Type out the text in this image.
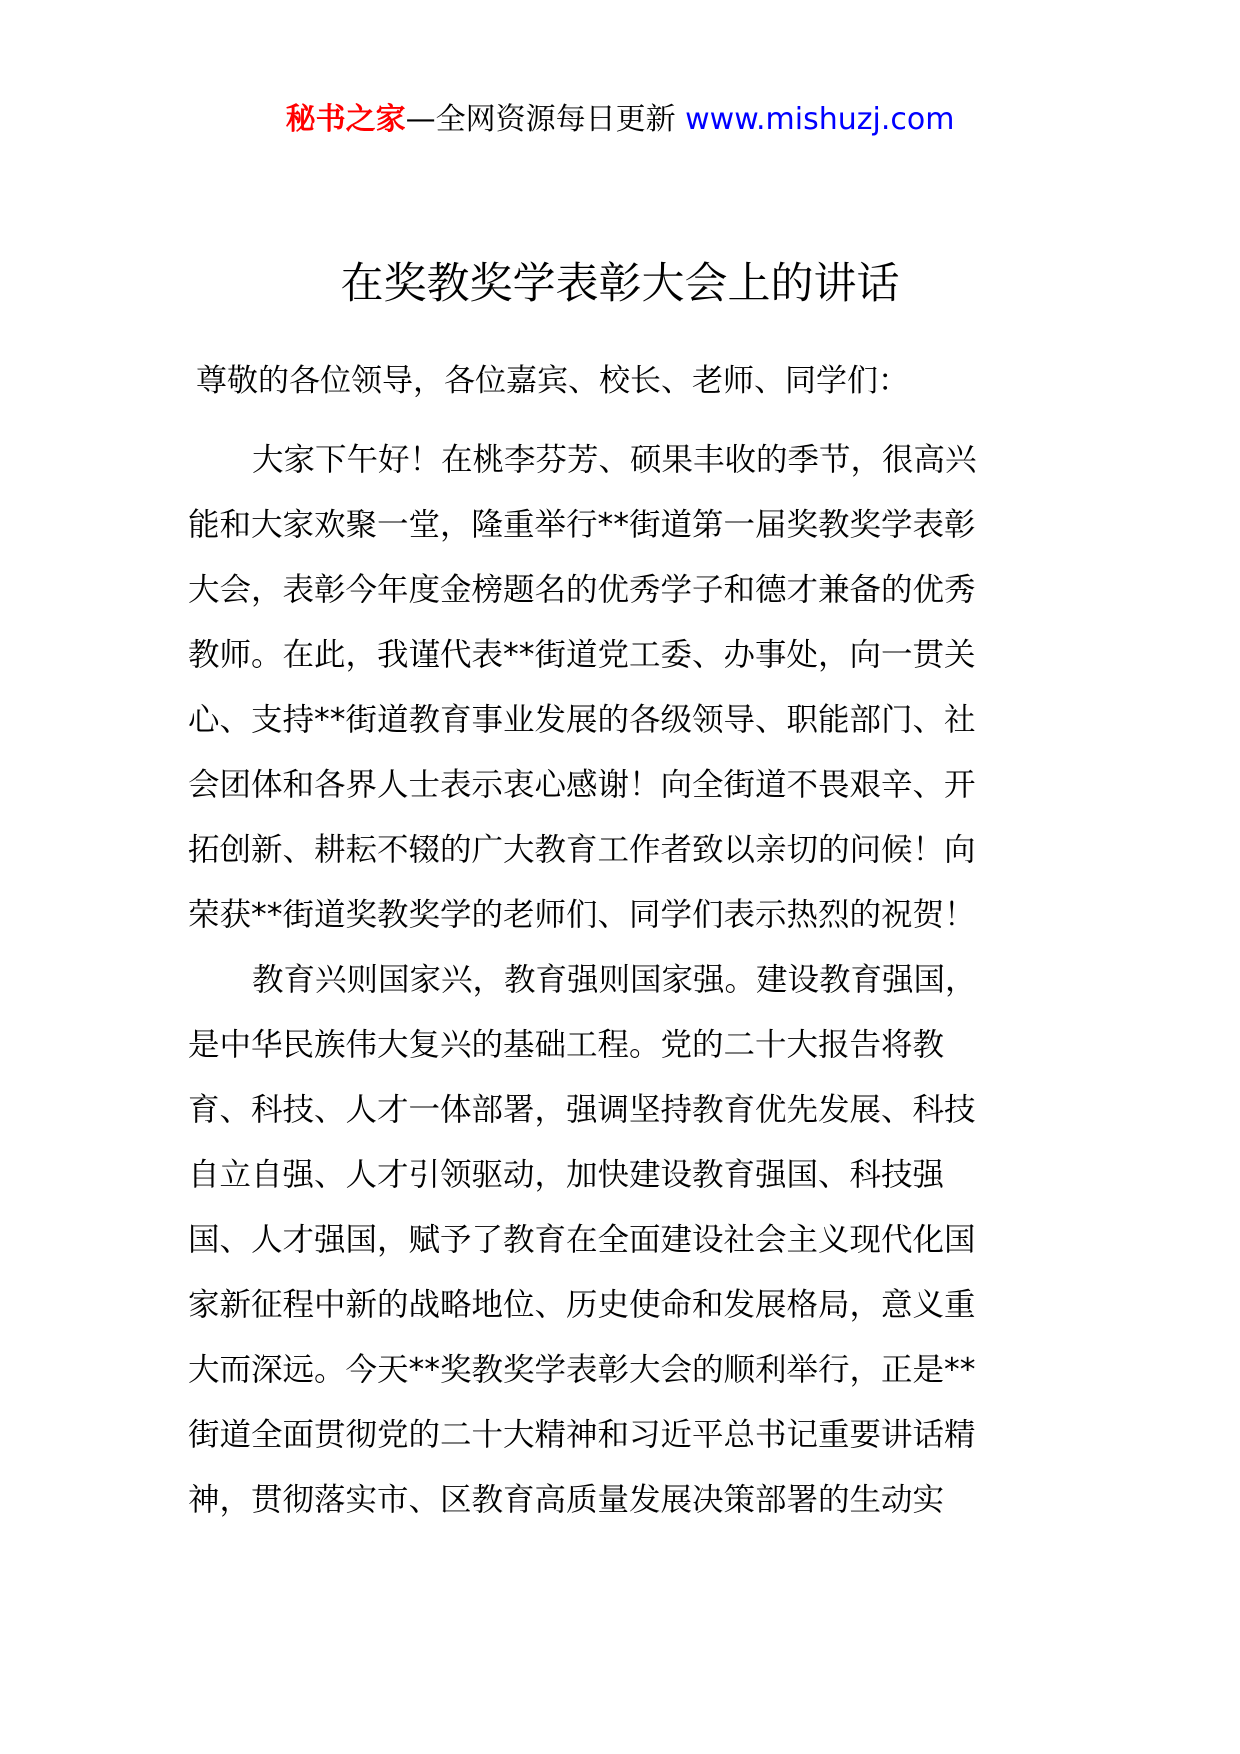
秘书之家—全网资源每日更新 www.mishuzj.com
在奖教奖学表彰大会上的讲话
尊敬的各位领导，各位嘉宾、校长、老师、同学们：
大家下午好！在桃李芬芳、硕果丰收的季节，很高兴
能和大家欢聚一堂，隆重举行**街道第一届奖教奖学表彰
大会，表彰今年度金榜题名的优秀学子和德才兼备的优秀
教师。在此，我谨代表**街道党工委、办事处，向一贯关
心、支持**街道教育事业发展的各级领导、职能部门、社
会团体和各界人士表示衷心感谢！向全街道不畏艰辛、开
拓创新、耕耘不辍的广大教育工作者致以亲切的问候！向
荣获**街道奖教奖学的老师们、同学们表示热烈的祝贺！
教育兴则国家兴，教育强则国家强。建设教育强国，
是中华民族伟大复兴的基础工程。党的二十大报告将教
育、科技、人才一体部署，强调坚持教育优先发展、科技
自立自强、人才引领驱动，加快建设教育强国、科技强
国、人才强国，赋予了教育在全面建设社会主义现代化国
家新征程中新的战略地位、历史使命和发展格局，意义重
大而深远。今天**奖教奖学表彰大会的顺利举行，正是**
街道全面贯彻党的二十大精神和习近平总书记重要讲话精
神，贯彻落实市、区教育高质量发展决策部署的生动实
